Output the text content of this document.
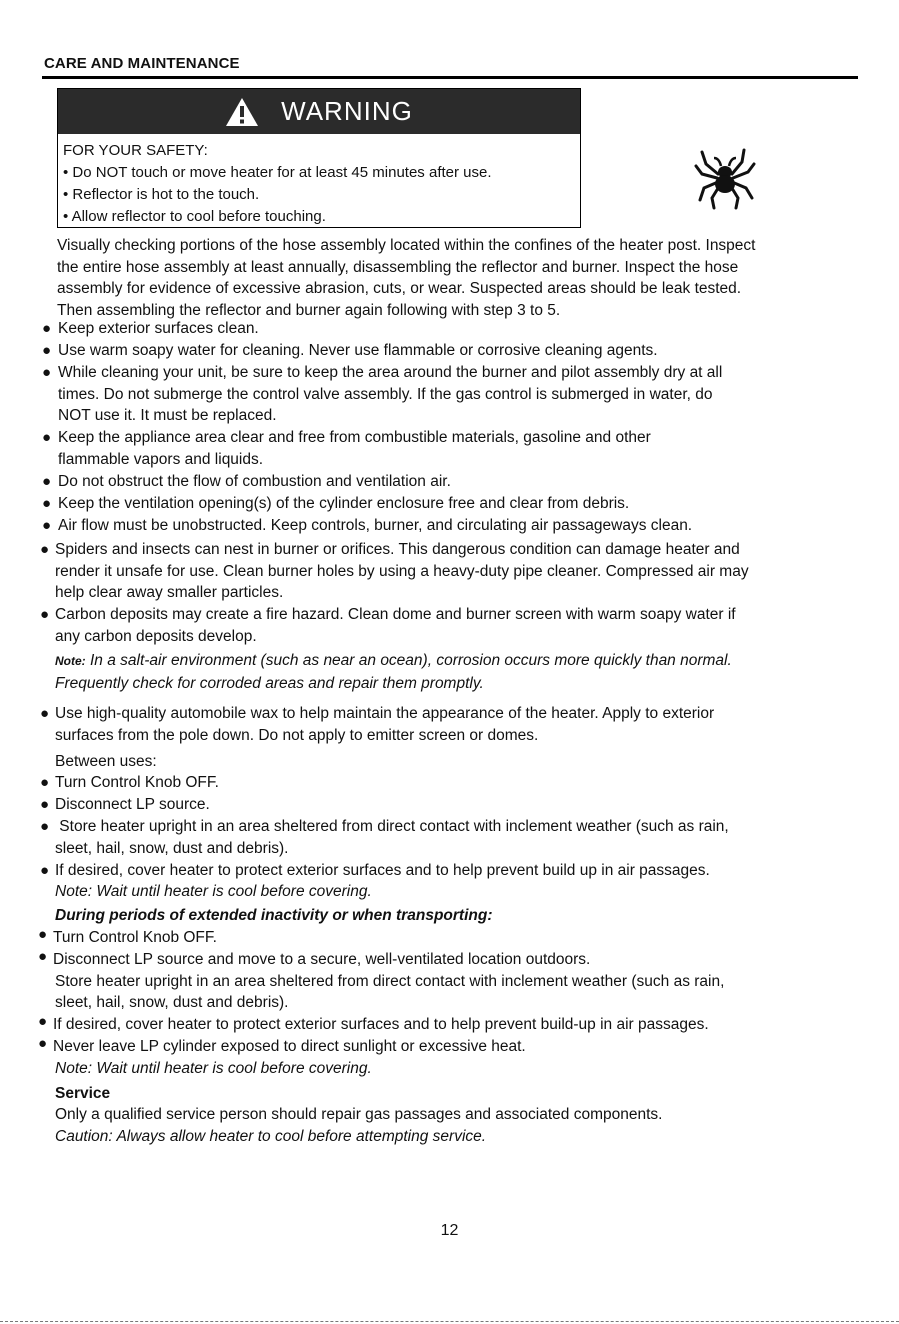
CARE AND MAINTENANCE
WARNING
FOR YOUR SAFETY:
• Do NOT touch or move heater for at least 45 minutes after use.
• Reflector is hot to the touch.
• Allow reflector to cool before touching.
Visually checking portions of the hose assembly located within the confines of the heater post. Inspect
the entire hose assembly at least annually, disassembling the reflector and burner. Inspect the hose
assembly for evidence of excessive abrasion, cuts, or wear. Suspected areas should be leak tested.
Then assembling the reflector and burner again following with step 3 to 5.
● Keep exterior surfaces clean.
● Use warm soapy water for cleaning. Never use flammable or corrosive cleaning agents.
● While cleaning your unit, be sure to keep the area around the burner and pilot assembly dry at all
times. Do not submerge the control valve assembly. If the gas control is submerged in water, do
NOT use it. It must be replaced.
● Keep the appliance area clear and free from combustible materials, gasoline and other
flammable vapors and liquids.
● Do not obstruct the flow of combustion and ventilation air.
● Keep the ventilation opening(s) of the cylinder enclosure free and clear from debris.
● Air flow must be unobstructed. Keep controls, burner, and circulating air passageways clean.
● Spiders and insects can nest in burner or orifices. This dangerous condition can damage heater and
render it unsafe for use. Clean burner holes by using a heavy-duty pipe cleaner. Compressed air may
help clear away smaller particles.
● Carbon deposits may create a fire hazard. Clean dome and burner screen with warm soapy water if
any carbon deposits develop.
Note: In a salt-air environment (such as near an ocean), corrosion occurs more quickly than normal.
Frequently check for corroded areas and repair them promptly.
● Use high-quality automobile wax to help maintain the appearance of the heater. Apply to exterior
surfaces from the pole down. Do not apply to emitter screen or domes.
Between uses:
● Turn Control Knob OFF.
● Disconnect LP source.
● Store heater upright in an area sheltered from direct contact with inclement weather (such as rain,
sleet, hail, snow, dust and debris).
● If desired, cover heater to protect exterior surfaces and to help prevent build up in air passages.
Note: Wait until heater is cool before covering.
During periods of extended inactivity or when transporting:
● Turn Control Knob OFF.
● Disconnect LP source and move to a secure, well-ventilated location outdoors.
Store heater upright in an area sheltered from direct contact with inclement weather (such as rain,
sleet, hail, snow, dust and debris).
● If desired, cover heater to protect exterior surfaces and to help prevent build-up in air passages.
● Never leave LP cylinder exposed to direct sunlight or excessive heat.
Note: Wait until heater is cool before covering.
Service
Only a qualified service person should repair gas passages and associated components.
Caution: Always allow heater to cool before attempting service.
12
